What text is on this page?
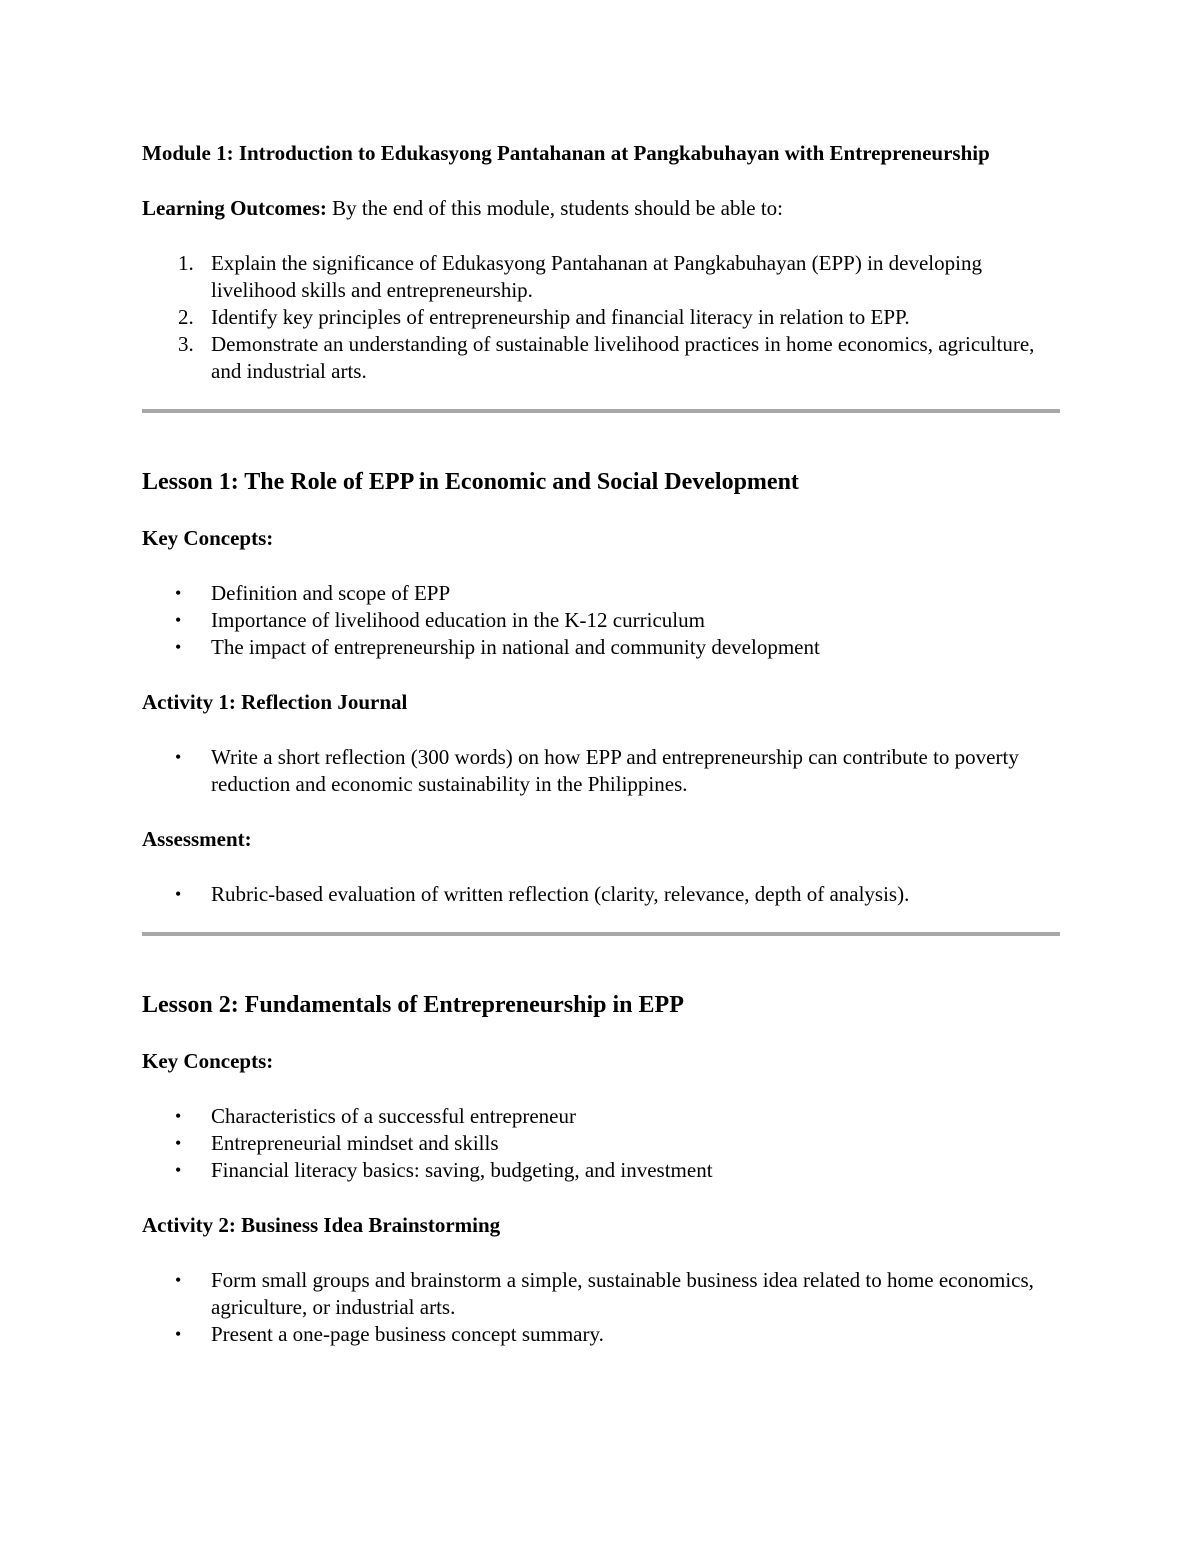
Module 1: Introduction to Edukasyong Pantahanan at Pangkabuhayan with Entrepreneurship

Learning Outcomes: By the end of this module, students should be able to:

1. Explain the significance of Edukasyong Pantahanan at Pangkabuhayan (EPP) in developing livelihood skills and entrepreneurship.
2. Identify key principles of entrepreneurship and financial literacy in relation to EPP.
3. Demonstrate an understanding of sustainable livelihood practices in home economics, agriculture, and industrial arts.
Lesson 1: The Role of EPP in Economic and Social Development

Key Concepts:

• Definition and scope of EPP
• Importance of livelihood education in the K-12 curriculum
• The impact of entrepreneurship in national and community development

Activity 1: Reflection Journal

• Write a short reflection (300 words) on how EPP and entrepreneurship can contribute to poverty reduction and economic sustainability in the Philippines.

Assessment:

• Rubric-based evaluation of written reflection (clarity, relevance, depth of analysis).
Lesson 2: Fundamentals of Entrepreneurship in EPP

Key Concepts:

• Characteristics of a successful entrepreneur
• Entrepreneurial mindset and skills
• Financial literacy basics: saving, budgeting, and investment

Activity 2: Business Idea Brainstorming

• Form small groups and brainstorm a simple, sustainable business idea related to home economics, agriculture, or industrial arts.
• Present a one-page business concept summary.
